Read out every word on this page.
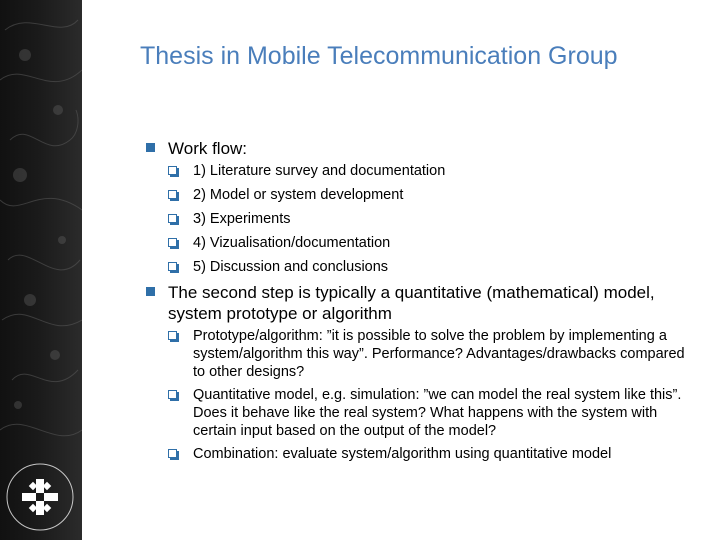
Thesis in Mobile Telecommunication Group
Work flow:
1) Literature survey and documentation
2) Model or system development
3) Experiments
4) Vizualisation/documentation
5) Discussion and conclusions
The second step is typically a quantitative (mathematical) model, system prototype or algorithm
Prototype/algorithm: ”it is possible to solve the problem by implementing a system/algorithm this way”. Performance? Advantages/drawbacks compared to other designs?
Quantitative model, e.g. simulation: ”we can model the real system like this”. Does it behave like the real system? What happens with the system with certain input based on the output of the model?
Combination: evaluate system/algorithm using quantitative model
